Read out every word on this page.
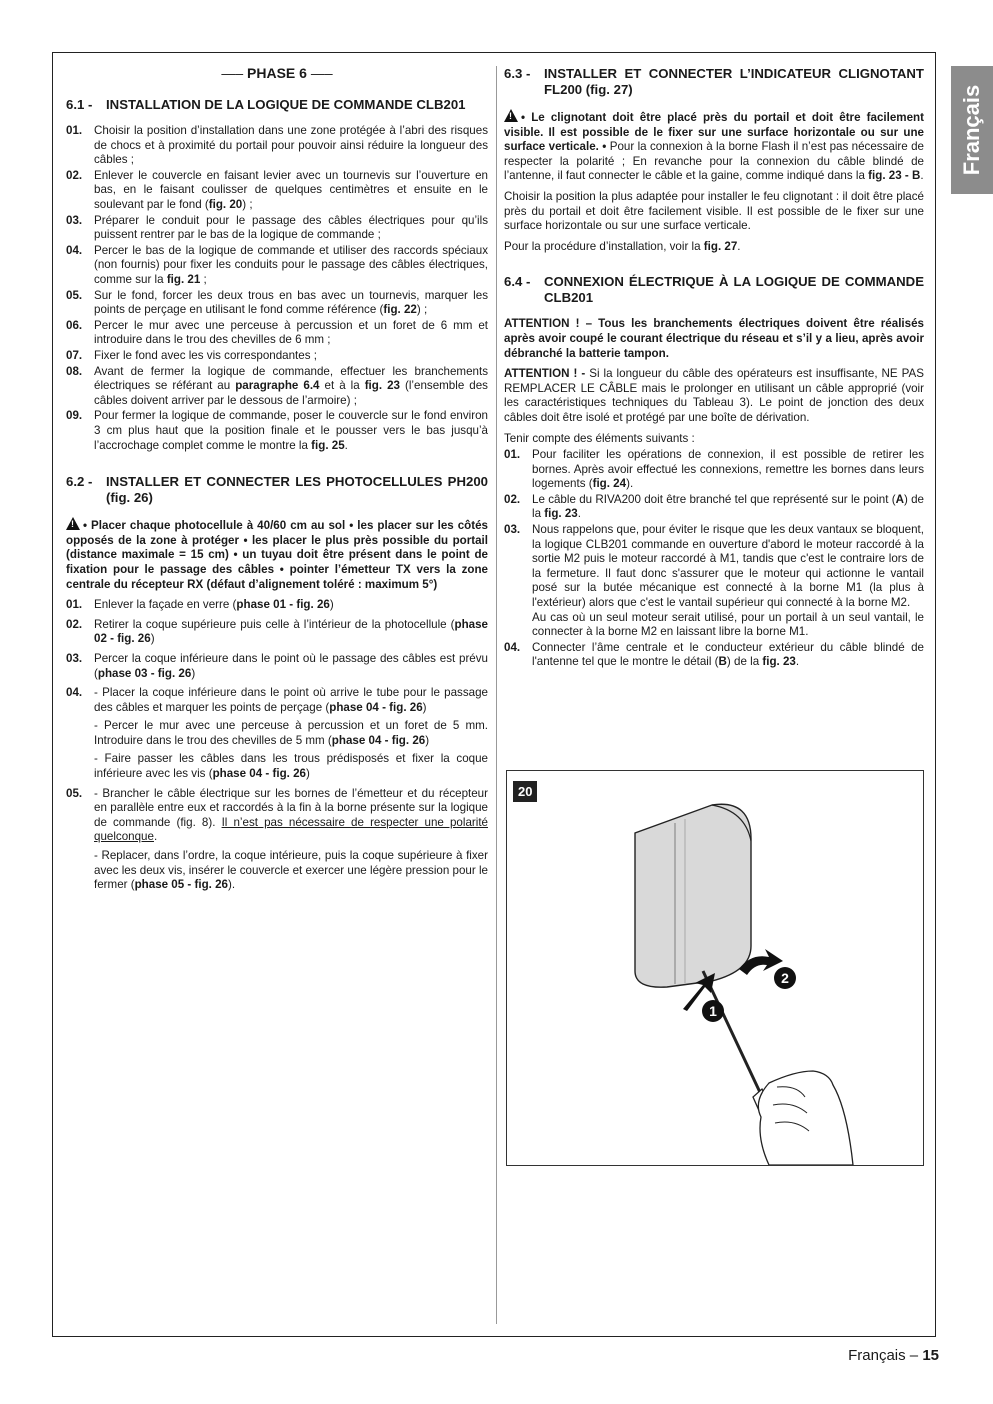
Français
—– PHASE 6 —–
6.1 -	INSTALLATION DE LA LOGIQUE DE COMMANDE CLB201
01.	Choisir la position d’installation dans une zone protégée à l’abri des risques de chocs et à proximité du portail pour pouvoir ainsi réduire la longueur des câbles ;
02.	Enlever le couvercle en faisant levier avec un tournevis sur l’ouverture en bas, en le faisant coulisser de quelques centimètres et ensuite en le soulevant par le fond (fig. 20) ;
03.	Préparer le conduit pour le passage des câbles électriques pour qu’ils puissent rentrer par le bas de la logique de commande ;
04.	Percer le bas de la logique de commande et utiliser des raccords spéciaux (non fournis) pour fixer les conduits pour le passage des câbles électriques, comme sur la fig. 21 ;
05.	Sur le fond, forcer les deux trous en bas avec un tournevis, marquer les points de perçage en utilisant le fond comme référence (fig. 22) ;
06.	Percer le mur avec une perceuse à percussion et un foret de 6 mm et introduire dans le trou des chevilles de 6 mm ;
07.	Fixer le fond avec les vis correspondantes ;
08.	Avant de fermer la logique de commande, effectuer les branchements électriques se référant au paragraphe 6.4 et à la fig. 23 (l’ensemble des câbles doivent arriver par le dessous de l’armoire) ;
09.	Pour fermer la logique de commande, poser le couvercle sur le fond environ 3 cm plus haut que la position finale et le pousser vers le bas jusqu’à l’accrochage complet comme le montre la fig. 25.
6.2 -	INSTALLER ET CONNECTER LES PHOTOCELLULES PH200 (fig. 26)

!• Placer chaque photocellule à 40/60 cm au sol • les placer sur les côtés opposés de la zone à protéger • les placer le plus près possible du portail (distance maximale = 15 cm) • un tuyau doit être présent dans le point de fixation pour le passage des câbles • pointer l’émetteur TX vers la zone centrale du récepteur RX (défaut d’alignement toléré : maximum 5°)

01.	Enlever la façade en verre (phase 01 - fig. 26)

02.	Retirer la coque supérieure puis celle à l’intérieur de la photocellule (phase 02 - fig. 26)

03.	Percer la coque inférieure dans le point où le passage des câbles est prévu (phase 03 - fig. 26)

04.	- Placer la coque inférieure dans le point où arrive le tube pour le passage des câbles et marquer les points de perçage (phase 04 - fig. 26)

- Percer le mur avec une perceuse à percussion et un foret de 5 mm. Introduire dans le trou des chevilles de 5 mm (phase 04 - fig. 26)

- Faire passer les câbles dans les trous prédisposés et fixer la coque inférieure avec les vis (phase 04 - fig. 26)

05.	- Brancher le câble électrique sur les bornes de l’émetteur et du récepteur en parallèle entre eux et raccordés à la fin à la borne présente sur la logique de commande (fig. 8). Il n’est pas nécessaire de respecter une polarité quelconque.

- Replacer, dans l’ordre, la coque intérieure, puis la coque supérieure à fixer avec les deux vis, insérer le couvercle et exercer une légère pression pour le fermer (phase 05 - fig. 26).

6.3 -	INSTALLER ET CONNECTER L’INDICATEUR CLIGNOTANT FL200 (fig. 27)

!• Le clignotant doit être placé près du portail et doit être facilement visible. Il est possible de le fixer sur une surface horizontale ou sur une surface verticale. • Pour la connexion à la borne Flash il n’est pas nécessaire de respecter la polarité ; En revanche pour la connexion du câble blindé de l’antenne, il faut connecter le câble et la gaine, comme indiqué dans la fig. 23 - B.

Choisir la position la plus adaptée pour installer le feu clignotant : il doit être placé près du portail et doit être facilement visible. Il est possible de le fixer sur une surface horizontale ou sur une surface verticale.

Pour la procédure d’installation, voir la fig. 27.

6.4 -	CONNEXION ÉLECTRIQUE À LA LOGIQUE DE COMMANDE CLB201

ATTENTION ! – Tous les branchements électriques doivent être réalisés après avoir coupé le courant électrique du réseau et s’il y a lieu, après avoir débranché la batterie tampon.

ATTENTION ! - Si la longueur du câble des opérateurs est insuffisante, NE PAS REMPLACER LE CÂBLE mais le prolonger en utilisant un câble approprié (voir les caractéristiques techniques du Tableau 3). Le point de jonction des deux câbles doit être isolé et protégé par une boîte de dérivation.

Tenir compte des éléments suivants :

01.	Pour faciliter les opérations de connexion, il est possible de retirer les bornes. Après avoir effectué les connexions, remettre les bornes dans leurs logements (fig. 24).
02.	Le câble du RIVA200 doit être branché tel que représenté sur le point (A) de la fig. 23.
03.	Nous rappelons que, pour éviter le risque que les deux vantaux se bloquent, la logique CLB201 commande en ouverture d'abord le moteur raccordé à la sortie M2 puis le moteur raccordé à M1, tandis que c'est le contraire lors de la fermeture. Il faut donc s'assurer que le moteur qui actionne le vantail posé sur la butée mécanique est connecté à la borne M1 (la plus à l'extérieur) alors que c'est le vantail supérieur qui connecté à la borne M2.
Au cas où un seul moteur serait utilisé, pour un portail à un seul vantail, le connecter à la borne M2 en laissant libre la borne M1.
04.	Connecter l’âme centrale et le conducteur extérieur du câble blindé de l'antenne tel que le montre le détail (B) de la fig. 23.
20
1
2
Français – 15
